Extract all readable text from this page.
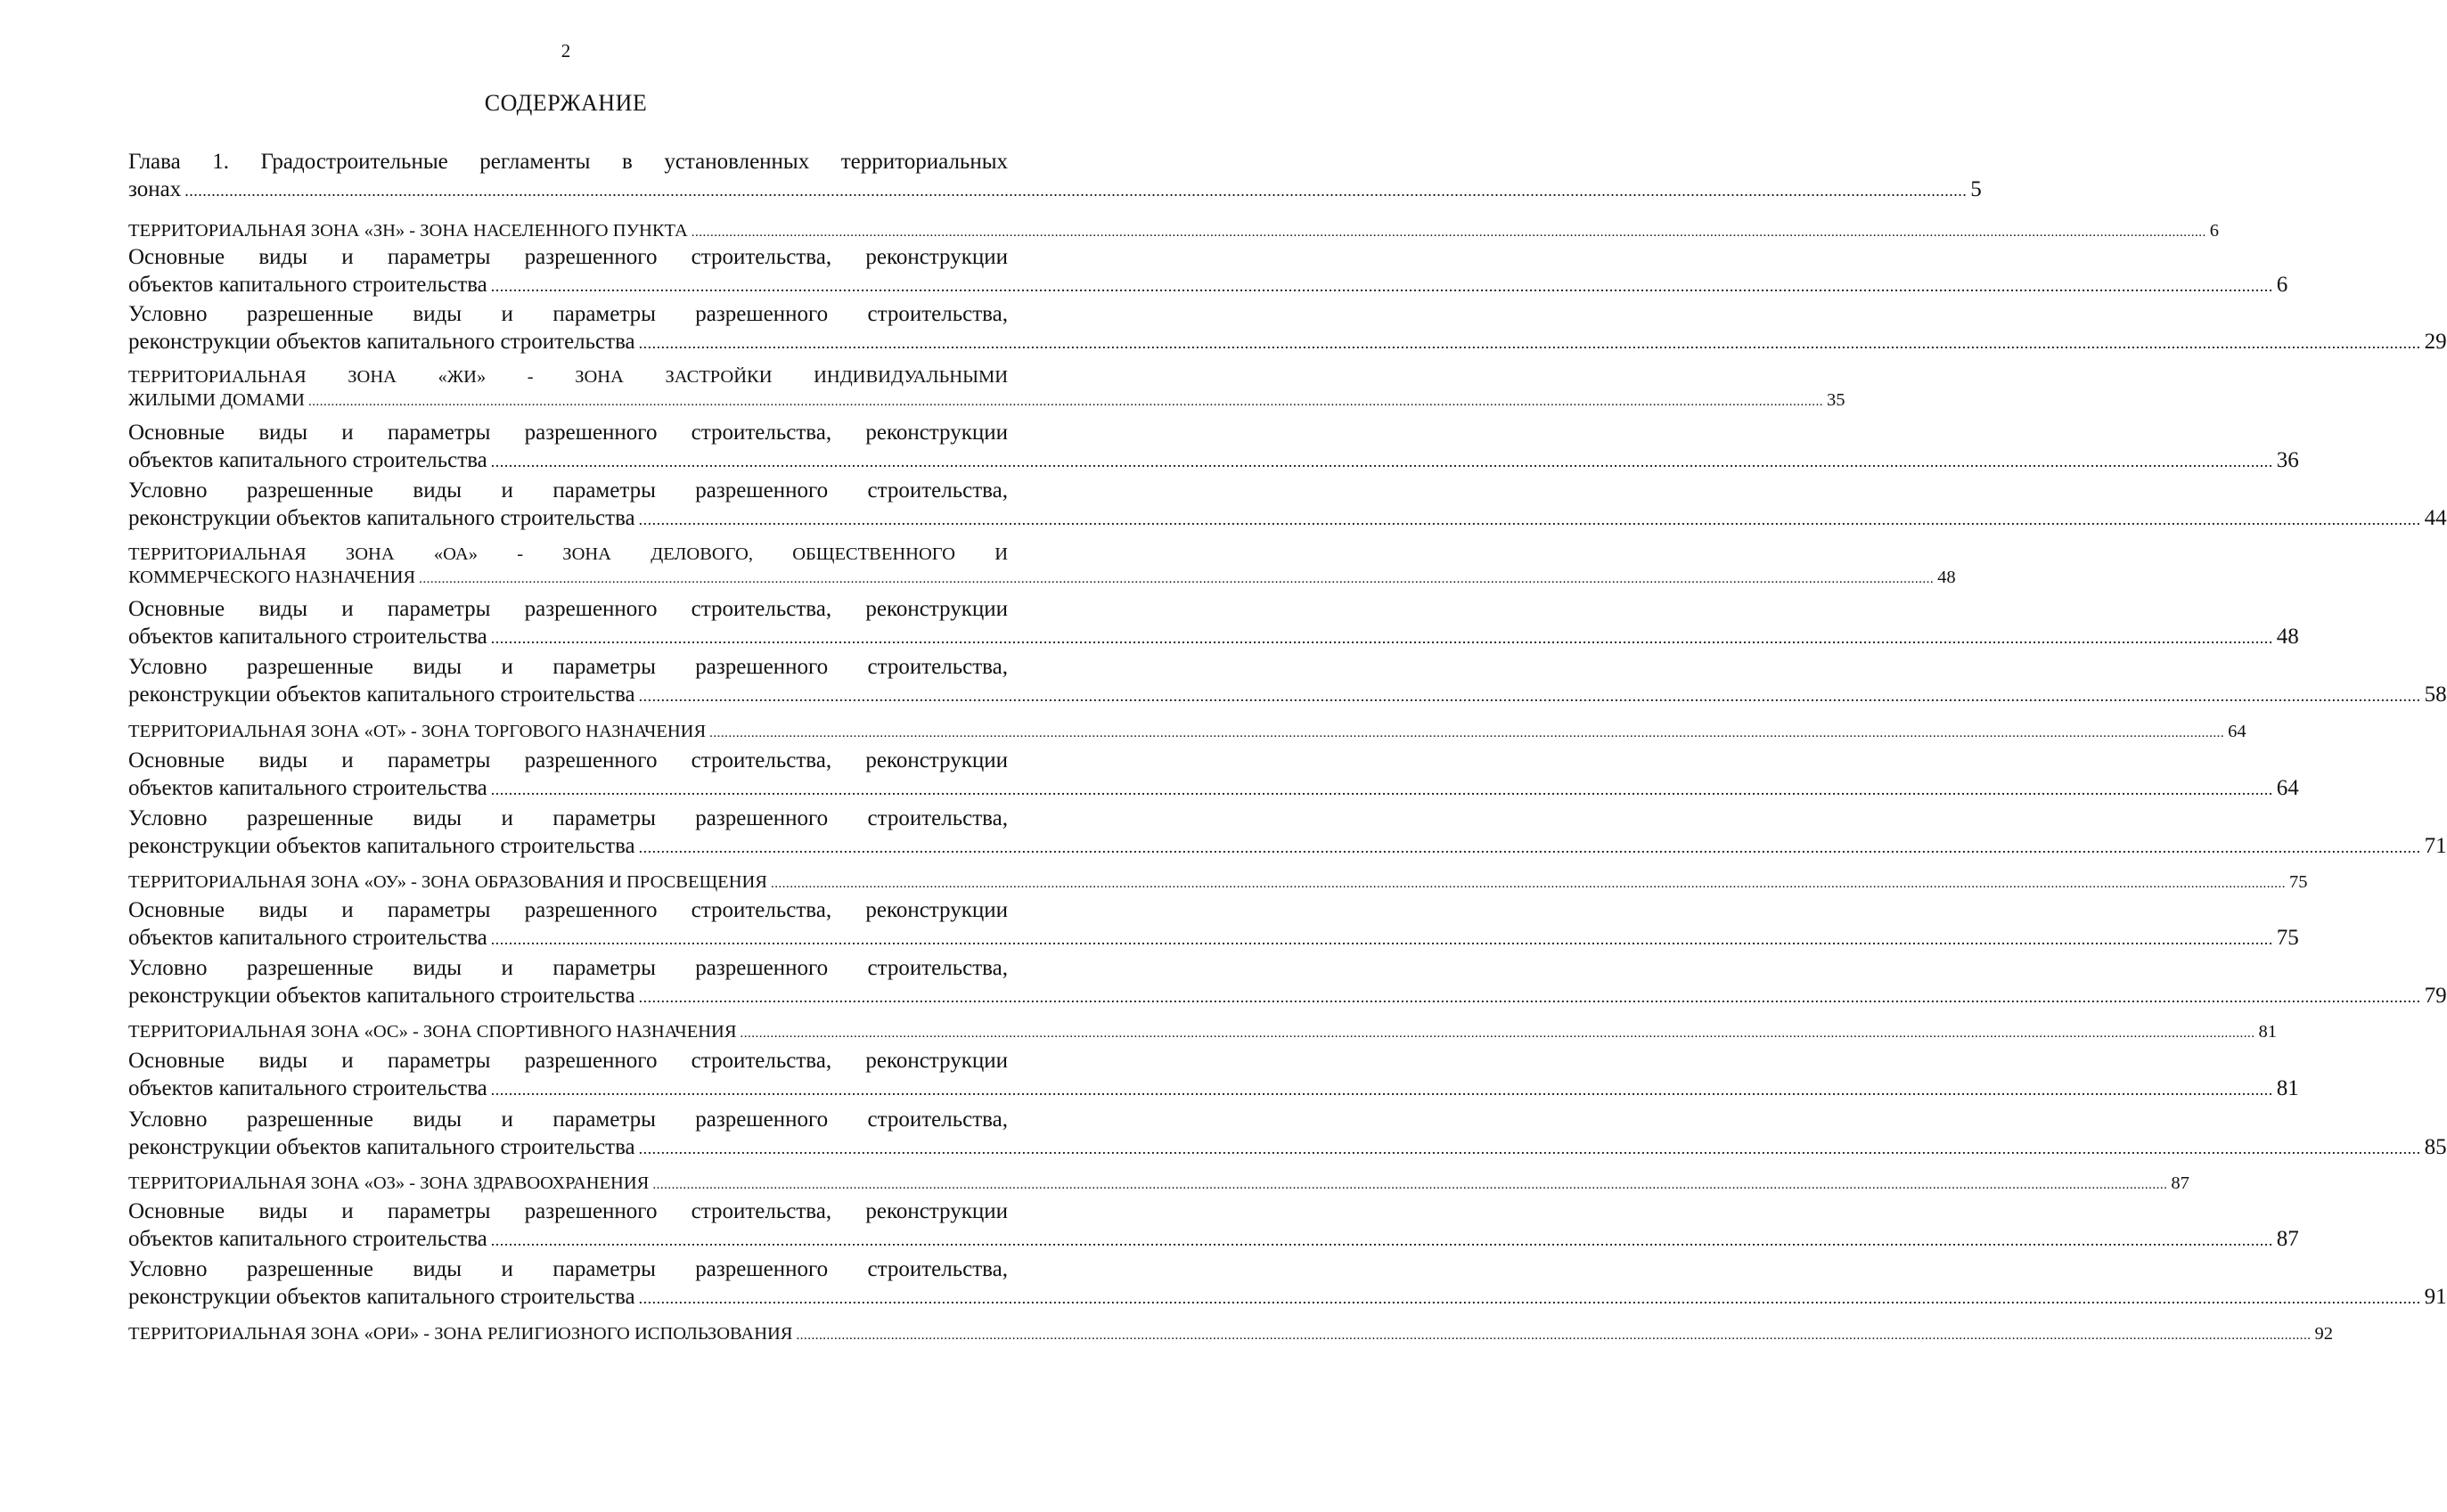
2
СОДЕРЖАНИЕ
Глава 1. Градостроительные регламенты в установленных территориальных
зонах ................................................................................................................................................................................................................................................................................................................................................................................................................ 5
ТЕРРИТОРИАЛЬНАЯ ЗОНА «ЗН» - ЗОНА НАСЕЛЕННОГО ПУНКТА ................................................................................................................................................................................................................................................................................................................................................................................................................ 6
Основные виды и параметры разрешенного строительства, реконструкции
объектов капитального строительства ................................................................................................................................................................................................................................................................................................................................................................................................................ 6
Условно разрешенные виды и параметры разрешенного строительства,
реконструкции объектов капитального строительства ................................................................................................................................................................................................................................................................................................................................................................................................................ 29
ТЕРРИТОРИАЛЬНАЯ ЗОНА «ЖИ» - ЗОНА ЗАСТРОЙКИ ИНДИВИДУАЛЬНЫМИ
ЖИЛЫМИ ДОМАМИ ................................................................................................................................................................................................................................................................................................................................................................................................................ 35
Основные виды и параметры разрешенного строительства, реконструкции
объектов капитального строительства ................................................................................................................................................................................................................................................................................................................................................................................................................ 36
Условно разрешенные виды и параметры разрешенного строительства,
реконструкции объектов капитального строительства ................................................................................................................................................................................................................................................................................................................................................................................................................ 44
ТЕРРИТОРИАЛЬНАЯ ЗОНА «ОА» - ЗОНА ДЕЛОВОГО, ОБЩЕСТВЕННОГО И
КОММЕРЧЕСКОГО НАЗНАЧЕНИЯ ................................................................................................................................................................................................................................................................................................................................................................................................................ 48
Основные виды и параметры разрешенного строительства, реконструкции
объектов капитального строительства ................................................................................................................................................................................................................................................................................................................................................................................................................ 48
Условно разрешенные виды и параметры разрешенного строительства,
реконструкции объектов капитального строительства ................................................................................................................................................................................................................................................................................................................................................................................................................ 58
ТЕРРИТОРИАЛЬНАЯ ЗОНА «ОТ» - ЗОНА ТОРГОВОГО НАЗНАЧЕНИЯ ................................................................................................................................................................................................................................................................................................................................................................................................................ 64
Основные виды и параметры разрешенного строительства, реконструкции
объектов капитального строительства ................................................................................................................................................................................................................................................................................................................................................................................................................ 64
Условно разрешенные виды и параметры разрешенного строительства,
реконструкции объектов капитального строительства ................................................................................................................................................................................................................................................................................................................................................................................................................ 71
ТЕРРИТОРИАЛЬНАЯ ЗОНА «ОУ» - ЗОНА ОБРАЗОВАНИЯ И ПРОСВЕЩЕНИЯ ................................................................................................................................................................................................................................................................................................................................................................................................................ 75
Основные виды и параметры разрешенного строительства, реконструкции
объектов капитального строительства ................................................................................................................................................................................................................................................................................................................................................................................................................ 75
Условно разрешенные виды и параметры разрешенного строительства,
реконструкции объектов капитального строительства ................................................................................................................................................................................................................................................................................................................................................................................................................ 79
ТЕРРИТОРИАЛЬНАЯ ЗОНА «ОС» - ЗОНА СПОРТИВНОГО НАЗНАЧЕНИЯ ................................................................................................................................................................................................................................................................................................................................................................................................................ 81
Основные виды и параметры разрешенного строительства, реконструкции
объектов капитального строительства ................................................................................................................................................................................................................................................................................................................................................................................................................ 81
Условно разрешенные виды и параметры разрешенного строительства,
реконструкции объектов капитального строительства ................................................................................................................................................................................................................................................................................................................................................................................................................ 85
ТЕРРИТОРИАЛЬНАЯ ЗОНА «ОЗ» - ЗОНА ЗДРАВООХРАНЕНИЯ ................................................................................................................................................................................................................................................................................................................................................................................................................ 87
Основные виды и параметры разрешенного строительства, реконструкции
объектов капитального строительства ................................................................................................................................................................................................................................................................................................................................................................................................................ 87
Условно разрешенные виды и параметры разрешенного строительства,
реконструкции объектов капитального строительства ................................................................................................................................................................................................................................................................................................................................................................................................................ 91
ТЕРРИТОРИАЛЬНАЯ ЗОНА «ОРИ» - ЗОНА РЕЛИГИОЗНОГО ИСПОЛЬЗОВАНИЯ ................................................................................................................................................................................................................................................................................................................................................................................................................ 92
